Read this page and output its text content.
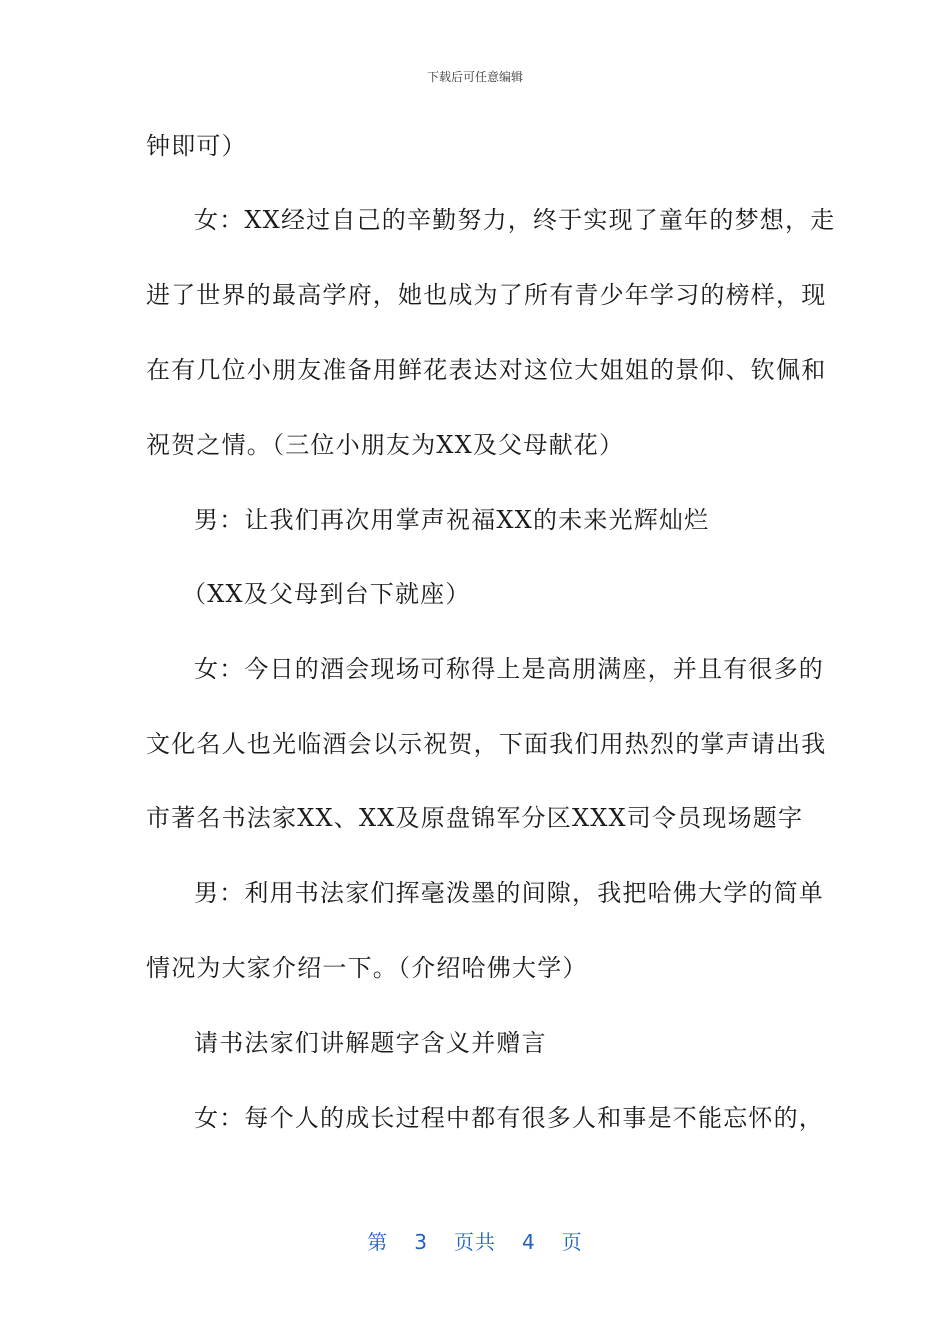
下载后可任意编辑
钟即可）
女：XX经过自己的辛勤努力，终于实现了童年的梦想，走
进了世界的最高学府，她也成为了所有青少年学习的榜样，现
在有几位小朋友准备用鲜花表达对这位大姐姐的景仰、钦佩和
祝贺之情。（三位小朋友为XX及父母献花）
男：让我们再次用掌声祝福XX的未来光辉灿烂
（XX及父母到台下就座）
女：今日的酒会现场可称得上是高朋满座，并且有很多的
文化名人也光临酒会以示祝贺，下面我们用热烈的掌声请出我
市著名书法家XX、XX及原盘锦军分区XXX司令员现场题字
男：利用书法家们挥毫泼墨的间隙，我把哈佛大学的简单
情况为大家介绍一下。（介绍哈佛大学）
请书法家们讲解题字含义并赠言
女：每个人的成长过程中都有很多人和事是不能忘怀的，
第 3 页共 4 页
